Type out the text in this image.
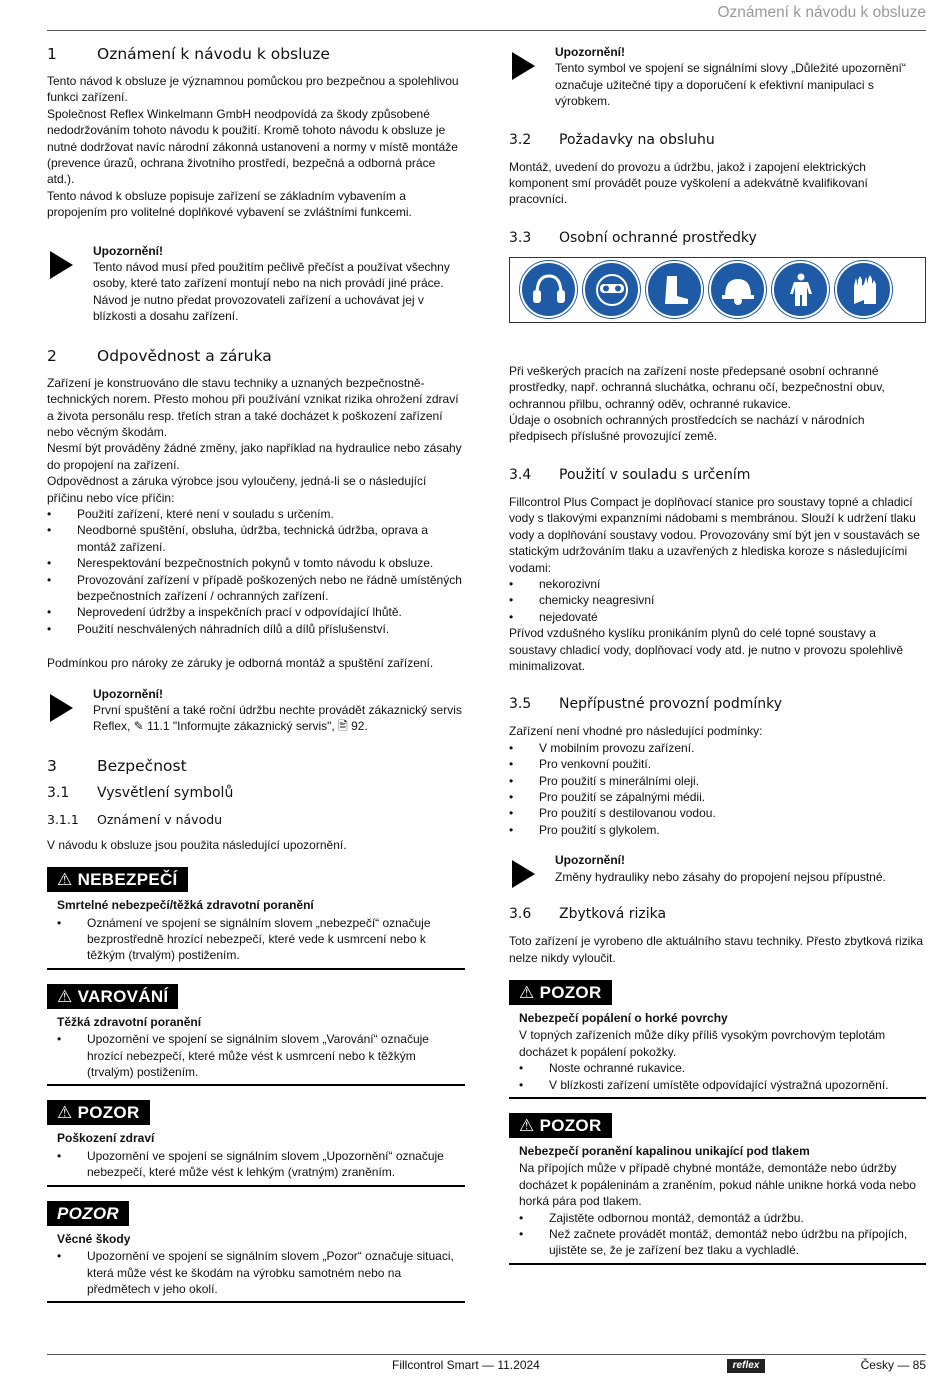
Oznámení k návodu k obsluze
1	Oznámení k návodu k obsluze

Tento návod k obsluze je významnou pomůckou pro bezpečnou a spolehlivou funkci zařízení.

Společnost Reflex Winkelmann GmbH neodpovídá za škody způsobené nedodržováním tohoto návodu k použití. Kromě tohoto návodu k obsluze je nutné dodržovat navíc národní zákonná ustanovení a normy v místě montáže (prevence úrazů, ochrana životního prostředí, bezpečná a odborná práce atd.).

Tento návod k obsluze popisuje zařízení se základním vybavením a propojením pro volitelné doplňkové vybavení se zvláštními funkcemi.

Upozornění!

Tento návod musí před použitím pečlivě přečíst a používat všechny osoby, které tato zařízení montují nebo na nich provádí jiné práce. Návod je nutno předat provozovateli zařízení a uchovávat jej v blízkosti a dosahu zařízení.

2	Odpovědnost a záruka

Zařízení je konstruováno dle stavu techniky a uznaných bezpečnostně-technických norem. Přesto mohou při používání vznikat rizika ohrožení zdraví a života personálu resp. třetích stran a také docházet k poškození zařízení nebo věcným škodám.

Nesmí být prováděny žádné změny, jako například na hydraulice nebo zásahy do propojení na zařízení.

Odpovědnost a záruka výrobce jsou vyloučeny, jedná-li se o následující příčinu nebo více příčin:

• Použití zařízení, které není v souladu s určením.
• Neodborné spuštění, obsluha, údržba, technická údržba, oprava a montáž zařízení.
• Nerespektování bezpečnostních pokynů v tomto návodu k obsluze.
• Provozování zařízení v případě poškozených nebo ne řádně umístěných bezpečnostních zařízení / ochranných zařízení.
• Neprovedení údržby a inspekčních prací v odpovídající lhůtě.
• Použití neschválených náhradních dílů a dílů příslušenství.

Podmínkou pro nároky ze záruky je odborná montáž a spuštění zařízení.

Upozornění!

První spuštění a také roční údržbu nechte provádět zákaznický servis Reflex, ✎ 11.1 "Informujte zákaznický servis", 🖹 92.

3	Bezpečnost
3.1	Vysvětlení symbolů
3.1.1	Oznámení v návodu

V návodu k obsluze jsou použita následující upozornění.

⚠ NEBEZPEČÍ

Smrtelné nebezpečí/těžká zdravotní poranění

• Oznámení ve spojení se signálním slovem „nebezpečí“ označuje bezprostředně hrozící nebezpečí, které vede k usmrcení nebo k těžkým (trvalým) postižením.
⚠ VAROVÁNÍ

Těžká zdravotní poranění

• Upozornění ve spojení se signálním slovem „Varování“ označuje hrozící nebezpečí, které může vést k usmrcení nebo k těžkým (trvalým) postižením.
⚠ POZOR

Poškození zdraví

• Upozornění ve spojení se signálním slovem „Upozornění“ označuje nebezpečí, které může vést k lehkým (vratným) zraněním.
POZOR

Věcné škody

• Upozornění ve spojení se signálním slovem „Pozor“ označuje situaci, která může vést ke škodám na výrobku samotném nebo na předmětech v jeho okolí.

Upozornění!

Tento symbol ve spojení se signálními slovy „Důležité upozornění“ označuje užitečné tipy a doporučení k efektivní manipulaci s výrobkem.

3.2	Požadavky na obsluhu

Montáž, uvedení do provozu a údržbu, jakož i zapojení elektrických komponent smí provádět pouze vyškolení a adekvátně kvalifikovaní pracovníci.

3.3	Osobní ochranné prostředky

Při veškerých pracích na zařízení noste předepsané osobní ochranné prostředky, např. ochranná sluchátka, ochranu očí, bezpečnostní obuv, ochrannou přilbu, ochranný oděv, ochranné rukavice.

Údaje o osobních ochranných prostředcích se nachází v národních předpisech příslušné provozující země.

3.4	Použití v souladu s určením

Fillcontrol Plus Compact je doplňovací stanice pro soustavy topné a chladicí vody s tlakovými expanzními nádobami s membránou. Slouží k udržení tlaku vody a doplňování soustavy vodou. Provozovány smí být jen v soustavách se statickým udržováním tlaku a uzavřených z hlediska koroze s následujícími vodami:

• nekorozivní
• chemicky neagresivní
• nejedovaté

Přívod vzdušného kyslíku pronikáním plynů do celé topné soustavy a soustavy chladicí vody, doplňovací vody atd. je nutno v provozu spolehlivě minimalizovat.

3.5	Nepřípustné provozní podmínky

Zařízení není vhodné pro následující podmínky:

• V mobilním provozu zařízení.
• Pro venkovní použití.
• Pro použití s minerálními oleji.
• Pro použití se zápalnými médii.
• Pro použití s destilovanou vodou.
• Pro použití s glykolem.

Upozornění!

Změny hydrauliky nebo zásahy do propojení nejsou přípustné.

3.6	Zbytková rizika

Toto zařízení je vyrobeno dle aktuálního stavu techniky. Přesto zbytková rizika nelze nikdy vyloučit.

⚠ POZOR

Nebezpečí popálení o horké povrchy

V topných zařízeních může díky příliš vysokým povrchovým teplotám docházet k popálení pokožky.

• Noste ochranné rukavice.
• V blízkosti zařízení umístěte odpovídající výstražná upozornění.
⚠ POZOR

Nebezpečí poranění kapalinou unikající pod tlakem

Na přípojích může v případě chybné montáže, demontáže nebo údržby docházet k popáleninám a zraněním, pokud náhle unikne horká voda nebo horká pára pod tlakem.

• Zajistěte odbornou montáž, demontáž a údržbu.
• Než začnete provádět montáž, demontáž nebo údržbu na přípojích, ujistěte se, že je zařízení bez tlaku a vychladlé.
Fillcontrol Smart — 11.2024	reflex	Česky — 85
